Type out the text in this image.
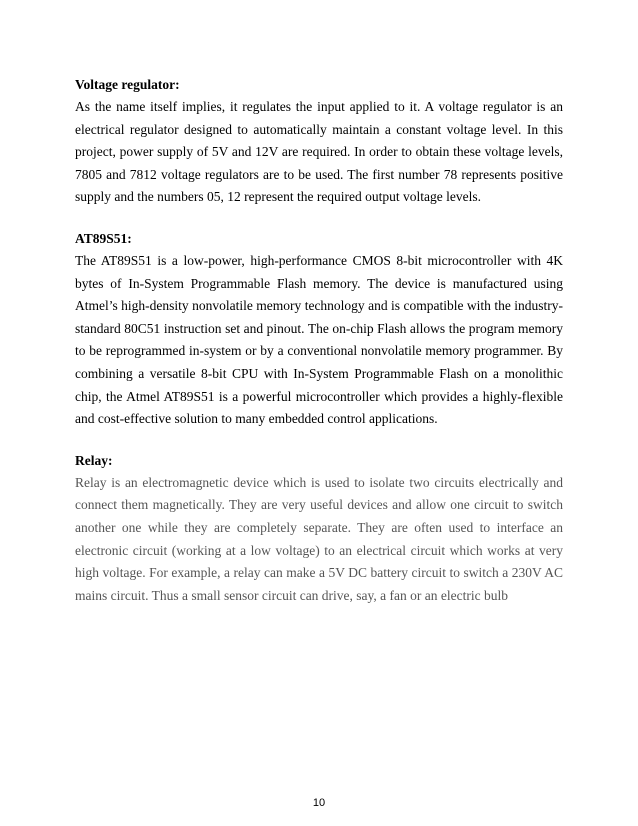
Voltage regulator:

As the name itself implies, it regulates the input applied to it. A voltage regulator is an electrical regulator designed to automatically maintain a constant voltage level. In this project, power supply of 5V and 12V are required. In order to obtain these voltage levels, 7805 and 7812 voltage regulators are to be used. The first number 78 represents positive supply and the numbers 05, 12 represent the required output voltage levels.

AT89S51:

The AT89S51 is a low-power, high-performance CMOS 8-bit microcontroller with 4K bytes of In-System Programmable Flash memory. The device is manufactured using Atmel’s high-density nonvolatile memory technology and is compatible with the industry-standard 80C51 instruction set and pinout. The on-chip Flash allows the program memory to be reprogrammed in-system or by a conventional nonvolatile memory programmer. By combining a versatile 8-bit CPU with In-System Programmable Flash on a monolithic chip, the Atmel AT89S51 is a powerful microcontroller which provides a highly-flexible and cost-effective solution to many embedded control applications.

Relay:

Relay is an electromagnetic device which is used to isolate two circuits electrically and connect them magnetically. They are very useful devices and allow one circuit to switch another one while they are completely separate. They are often used to interface an electronic circuit (working at a low voltage) to an electrical circuit which works at very high voltage. For example, a relay can make a 5V DC battery circuit to switch a 230V AC mains circuit. Thus a small sensor circuit can drive, say, a fan or an electric bulb

10
